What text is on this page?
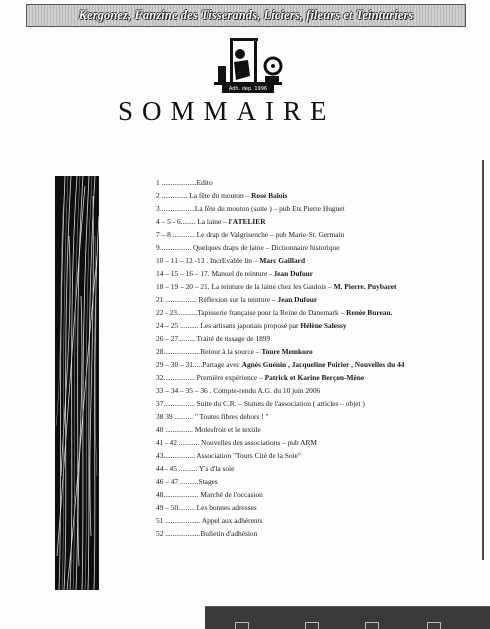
Kergonez, Fanzine des Tisserands, Liciers, fileurs et Teinturiers
Adh. dep. 1996
SOMMAIRE
1 ...................Edito
2 .............. La fête du mouton – Rose Balois
3...................La fête du mouton (suite ) – pub Ets Pierre Huguet
4 – 5 - 6........ La laine – l'ATELIER
7 – 8 ............ Le drap de Valgrisenche – pub Marie-St. Germain
9................. Quelques draps de laine – Dictionnaire historique
10 – 11 – 12 -13 . IncrEvable lin – Marc Gaillard
14 – 15 – 16 – 17. Manuel de teinture - Jean Dufour
18 – 19 – 20 – 21. La teinture de la laine chez les Gaulois – M. Pierre. Puybaret
21 ................. Réflexion sur la teinture – Jean Dufour
22 - 23...........Tapisserie française pour la Reine de Danemark – Renée Bureau.
24 – 25 .......... Les artisans japonais proposé par Hélène Salessy
26 – 27......... Traité de tissage de 1899
28....................Retour à la source – Toure Memkoro
29 – 30 – 31.....Partage avec Agnès Guénin , Jacqueline Poirier , Nouvelles du 44
32................. Première expérience – Patrick et Karine Berçon-Mène
33 – 34 – 35 – 36 . Compte-rendu A.G. du 10 juin 2006
37................. Suite du C.R. – Statuts de l'association ( articles – objet )
38 39 .......... " Toutes fibres dehors ! "
40 ............... Molesfroit et le textile
41 - 42 ........... Nouvelles des associations – pub ARM
43................. Association "Tours Cité de la Soie"
44 - 45 .......... Y's d'la soie
46 – 47 ..........Stages
48................... Marché de l'occasion
49 – 50......... Les bonnes adresses
51 ................... Appel aux adhérents
52 ...................Bulletin d'adhésion
